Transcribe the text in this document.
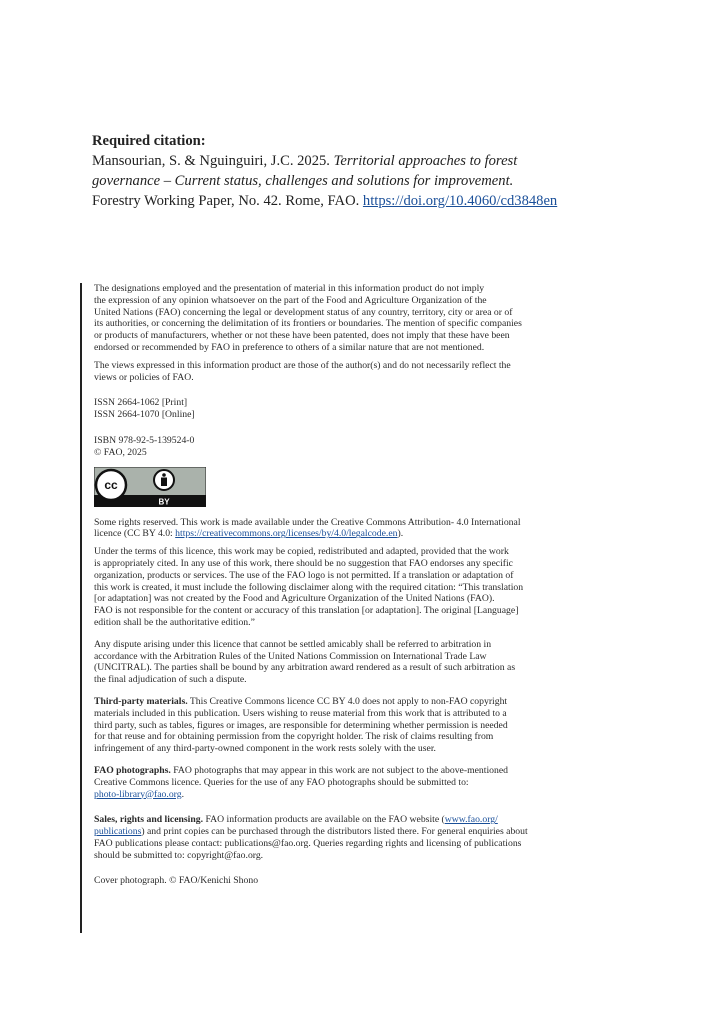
Required citation:
Mansourian, S. & Nguinguiri, J.C. 2025. Territorial approaches to forest
governance – Current status, challenges and solutions for improvement.
Forestry Working Paper, No. 42. Rome, FAO. https://doi.org/10.4060/cd3848en

The designations employed and the presentation of material in this information product do not imply
the expression of any opinion whatsoever on the part of the Food and Agriculture Organization of the
United Nations (FAO) concerning the legal or development status of any country, territory, city or area or of
its authorities, or concerning the delimitation of its frontiers or boundaries. The mention of specific companies
or products of manufacturers, whether or not these have been patented, does not imply that these have been
endorsed or recommended by FAO in preference to others of a similar nature that are not mentioned.

The views expressed in this information product are those of the author(s) and do not necessarily reflect the
views or policies of FAO.

ISSN 2664-1062 [Print]
ISSN 2664-1070 [Online]

ISBN 978-92-5-139524-0
© FAO, 2025

cc
BY

Some rights reserved. This work is made available under the Creative Commons Attribution- 4.0 International
licence (CC BY 4.0: https://creativecommons.org/licenses/by/4.0/legalcode.en).

Under the terms of this licence, this work may be copied, redistributed and adapted, provided that the work
is appropriately cited. In any use of this work, there should be no suggestion that FAO endorses any specific
organization, products or services. The use of the FAO logo is not permitted. If a translation or adaptation of
this work is created, it must include the following disclaimer along with the required citation: “This translation
[or adaptation] was not created by the Food and Agriculture Organization of the United Nations (FAO).
FAO is not responsible for the content or accuracy of this translation [or adaptation]. The original [Language]
edition shall be the authoritative edition.”

Any dispute arising under this licence that cannot be settled amicably shall be referred to arbitration in
accordance with the Arbitration Rules of the United Nations Commission on International Trade Law
(UNCITRAL). The parties shall be bound by any arbitration award rendered as a result of such arbitration as
the final adjudication of such a dispute.

Third-party materials. This Creative Commons licence CC BY 4.0 does not apply to non-FAO copyright
materials included in this publication. Users wishing to reuse material from this work that is attributed to a
third party, such as tables, figures or images, are responsible for determining whether permission is needed
for that reuse and for obtaining permission from the copyright holder. The risk of claims resulting from
infringement of any third-party-owned component in the work rests solely with the user.

FAO photographs. FAO photographs that may appear in this work are not subject to the above-mentioned
Creative Commons licence. Queries for the use of any FAO photographs should be submitted to:
photo-library@fao.org.

Sales, rights and licensing. FAO information products are available on the FAO website (www.fao.org/
publications) and print copies can be purchased through the distributors listed there. For general enquiries about
FAO publications please contact: publications@fao.org. Queries regarding rights and licensing of publications
should be submitted to: copyright@fao.org.

Cover photograph. © FAO/Kenichi Shono
